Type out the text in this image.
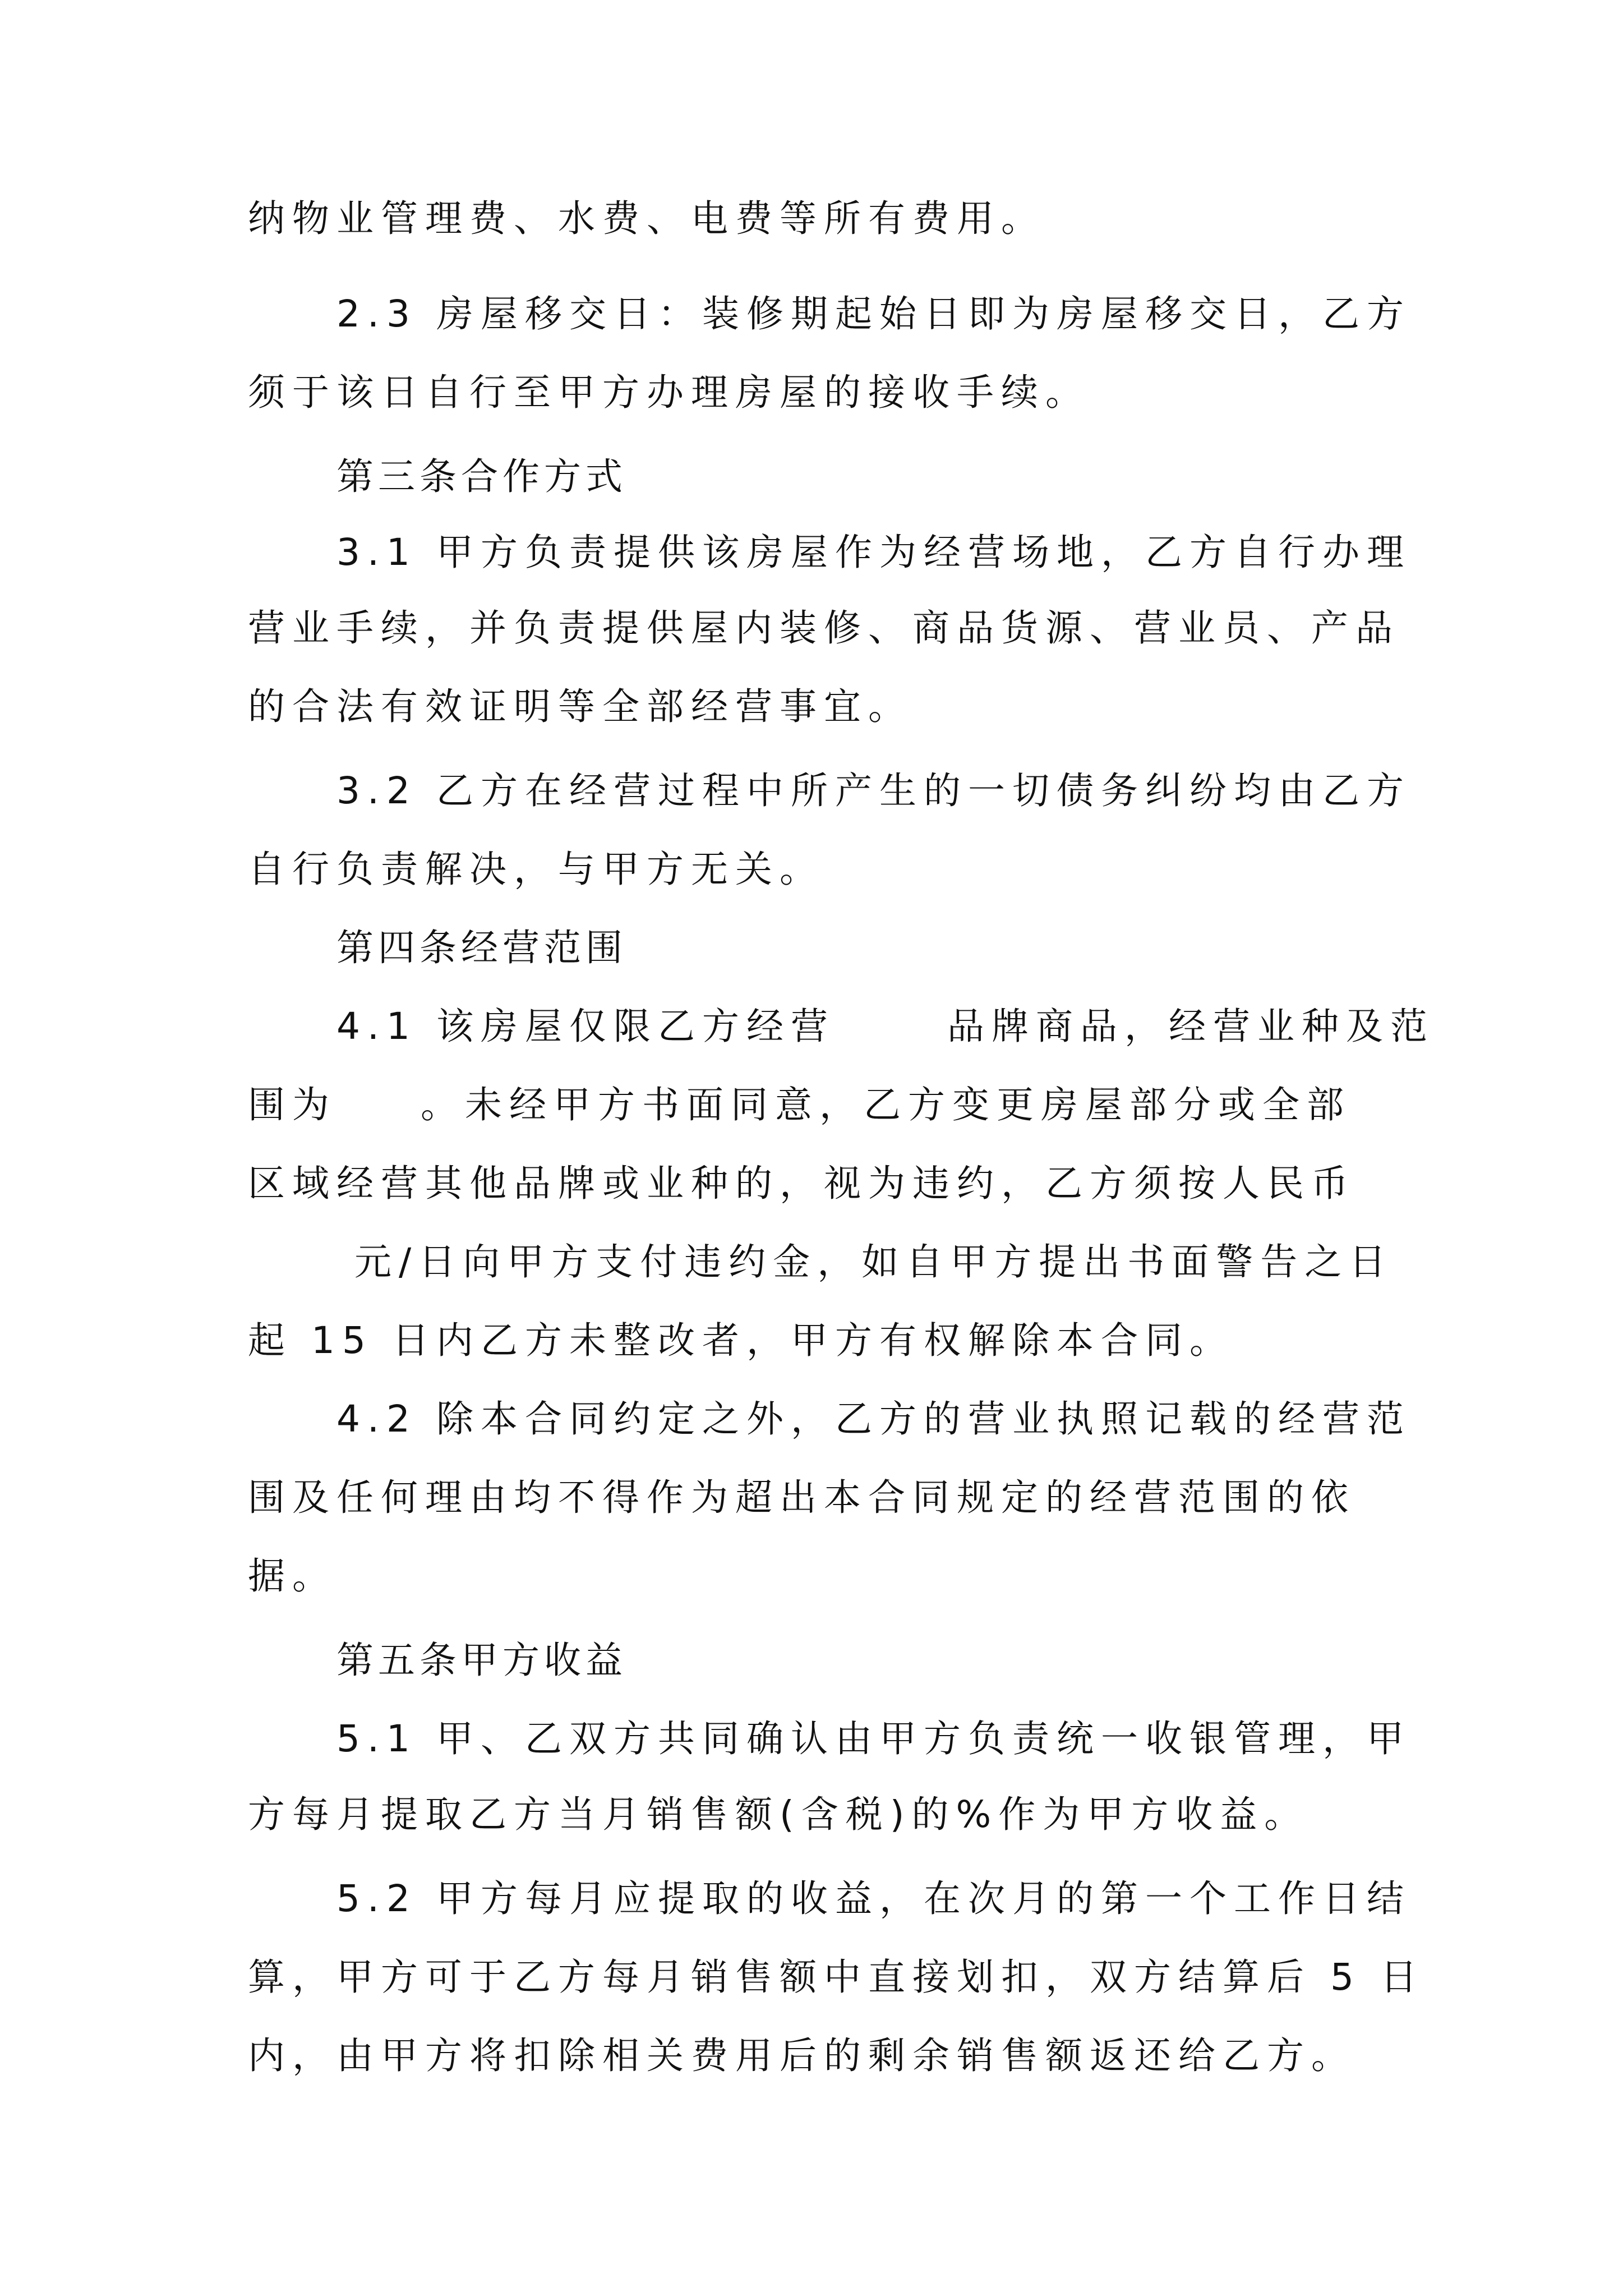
纳物业管理费、水费、电费等所有费用。
2.3 房屋移交日：装修期起始日即为房屋移交日，乙方
须于该日自行至甲方办理房屋的接收手续。
第三条合作方式
3.1 甲方负责提供该房屋作为经营场地，乙方自行办理
营业手续，并负责提供屋内装修、商品货源、营业员、产品
的合法有效证明等全部经营事宜。
3.2 乙方在经营过程中所产生的一切债务纠纷均由乙方
自行负责解决，与甲方无关。
第四条经营范围
4.1 该房屋仅限乙方经营	品牌商品，经营业种及范
围为 。未经甲方书面同意，乙方变更房屋部分或全部
区域经营其他品牌或业种的，视为违约，乙方须按人民币
元/日向甲方支付违约金，如自甲方提出书面警告之日
起 15 日内乙方未整改者，甲方有权解除本合同。
4.2 除本合同约定之外，乙方的营业执照记载的经营范
围及任何理由均不得作为超出本合同规定的经营范围的依
据。
第五条甲方收益
5.1 甲、乙双方共同确认由甲方负责统一收银管理，甲
方每月提取乙方当月销售额(含税)的%作为甲方收益。
5.2 甲方每月应提取的收益，在次月的第一个工作日结
算，甲方可于乙方每月销售额中直接划扣，双方结算后 5 日
内，由甲方将扣除相关费用后的剩余销售额返还给乙方。
